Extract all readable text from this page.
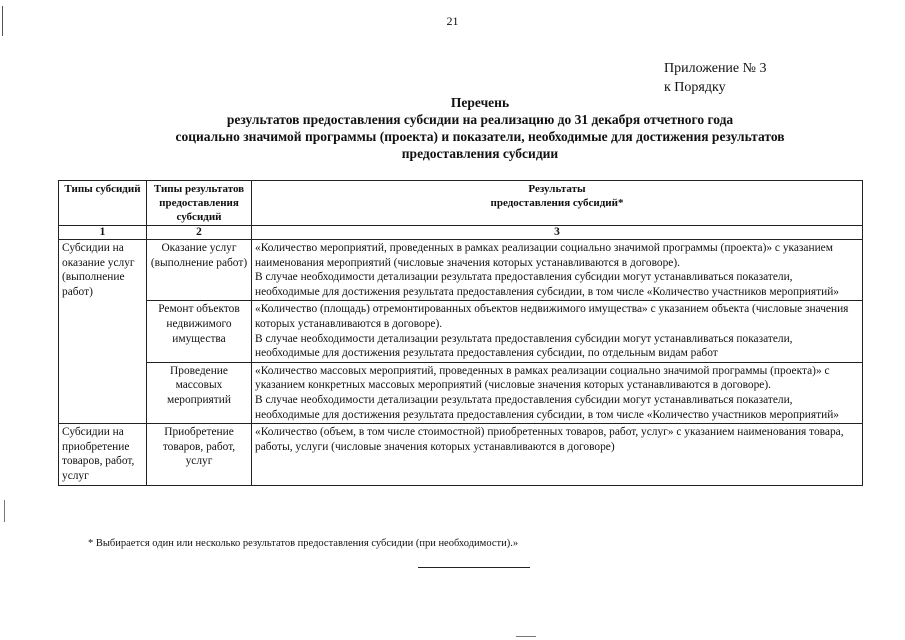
21
Приложение № 3
к Порядку
Перечень
результатов предоставления субсидии на реализацию до 31 декабря отчетного года
социально значимой программы (проекта) и показатели, необходимые для достижения результатов
предоставления субсидии
Типы субсидий	Типы результатов предоставления субсидий	Результаты
предоставления субсидий*

1	2	3
Субсидии на оказание услуг (выполнение работ)	Оказание услуг (выполнение работ)	«Количество мероприятий, проведенных в рамках реализации социально значимой программы (проекта)» с указанием наименования мероприятий (числовые значения которых устанавливаются в договоре).
В случае необходимости детализации результата предоставления субсидии могут устанавливаться показатели, необходимые для достижения результата предоставления субсидии, в том числе «Количество участников мероприятий»

	Ремонт объектов недвижимого имущества	«Количество (площадь) отремонтированных объектов недвижимого имущества» с указанием объекта (числовые значения которых устанавливаются в договоре).
В случае необходимости детализации результата предоставления субсидии могут устанавливаться показатели, необходимые для достижения результата предоставления субсидии, по отдельным видам работ

	Проведение массовых мероприятий	«Количество массовых мероприятий, проведенных в рамках реализации социально значимой программы (проекта)» с указанием конкретных массовых мероприятий (числовые значения которых устанавливаются в договоре).
В случае необходимости детализации результата предоставления субсидии могут устанавливаться показатели, необходимые для достижения результата предоставления субсидии, в том числе «Количество участников мероприятий»

Субсидии на приобретение товаров, работ, услуг	Приобретение товаров, работ, услуг	«Количество (объем, в том числе стоимостной) приобретенных товаров, работ, услуг» с указанием наименования товара, работы, услуги (числовые значения которых устанавливаются в договоре)
* Выбирается один или несколько результатов предоставления субсидии (при необходимости).»
